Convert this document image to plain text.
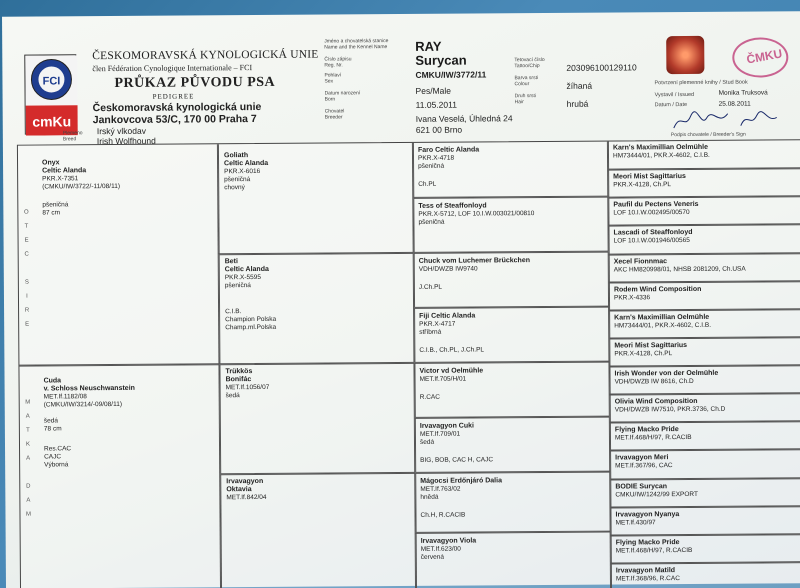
FCI
cmKu
ČESKOMORAVSKÁ KYNOLOGICKÁ UNIE
člen Fédération Cynologique Internationale – FCI
PRŮKAZ PŮVODU PSA
PEDIGREE
Českomoravská kynologická unie
Jankovcova 53/C, 170 00 Praha 7
Plemeno
Breed
Irský vlkodav
Irish Wolfhound
Jméno a chovatelská stanice
Name and the Kennel Name
Číslo zápisu
Reg. Nr.
Pohlaví
Sex
Datum narození
Born
Chovatel
Breeder
RAY
Surycan
CMKU/IW/3772/11
Pes/Male
11.05.2011
Ivana Veselá, Úhledná 24
621 00 Brno
Tetovací číslo
Tattoo/Chip
Barva srsti
Colour
Druh srsti
Hair
203096100129110
žíhaná
hrubá
ČMKU
Potvrzení plemenné knihy / Stud Book
Vystavil / Issued	Monika Truksová
Datum / Date	25.08.2011
Podpis chovatele / Breeder's Sign
O
T
E
C

S
I
R
E
M
A
T
K
A

D
A
M
Faro Celtic Alanda
PKR.X-4718
pšeničná
Ch.PL
Tess of Steaffonloyd
PKR.X-5712, LOF 10.I.W.003021/00810
pšeničná
Chuck vom Luchemer Brückchen
VDH/DWZB IW9740
J.Ch.PL
Fiji Celtic Alanda
PKR.X-4717
stříbrná
C.I.B., Ch.PL, J.Ch.PL
Victor vd Oelmühle
MET.If.705/H/01
R.CAC
Irvavagyon Cuki
MET.If.709/01
šedá
BIG, BOB, CAC H, CAJC
Mágocsi Erdőnjáró Dalia
MET.If.763/02
hnědá
Ch.H, R.CACIB
Irvavagyon Viola
MET.If.623/00
červená
Karn's Maximillian Oelmühle
HM73444/01, PKR.X-4602, C.I.B.
Meori Mist Sagittarius
PKR.X-4128, Ch.PL
Paufil du Pectens Veneris
LOF 10.I.W.002495/00570
Lascadi of Steaffonloyd
LOF 10.I.W.001946/00565
Xecel Fionnmac
AKC HM820998/01, NHSB 2081209, Ch.USA
Rodem Wind Composition
PKR.X-4336
Karn's Maximillian Oelmühle
HM73444/01, PKR.X-4602, C.I.B.
Meori Mist Sagittarius
PKR.X-4128, Ch.PL
Irish Wonder von der Oelmühle
VDH/DWZB IW 8616, Ch.D
Olivia Wind Composition
VDH/DWZB IW7510, PKR.3736, Ch.D
Flying Macko Pride
MET.If.468/H/97, R.CACIB
Irvavagyon Meri
MET.If.367/96, CAC
BODIE Surycan
CMKU/IW/1242/99 EXPORT
Irvavagyon Nyanya
MET.If.430/97
Flying Macko Pride
MET.If.468/H/97, R.CACIB
Irvavagyon Matild
MET.If.368/96, R.CAC
Onyx
Celtic Alanda
PKR.X-7351
(CMKU/IW/3722/-11/08/11)
pšeničná
87 cm
Cuda
v. Schloss Neuschwanstein
MET.If.1182/08
(CMKU/IW/3214/-09/08/11)
šedá
78 cm
Res.CAC
CAJC
Výborná
Goliath
Celtic Alanda
PKR.X-6016
pšeničná
chovný
Beti
Celtic Alanda
PKR.X-5595
pšeničná
C.I.B.
Champion Polska
Champ.ml.Polska
Trükkös
Bonifác
MET.If.1056/07
šedá
Irvavagyon
Oktavia
MET.If.842/04
